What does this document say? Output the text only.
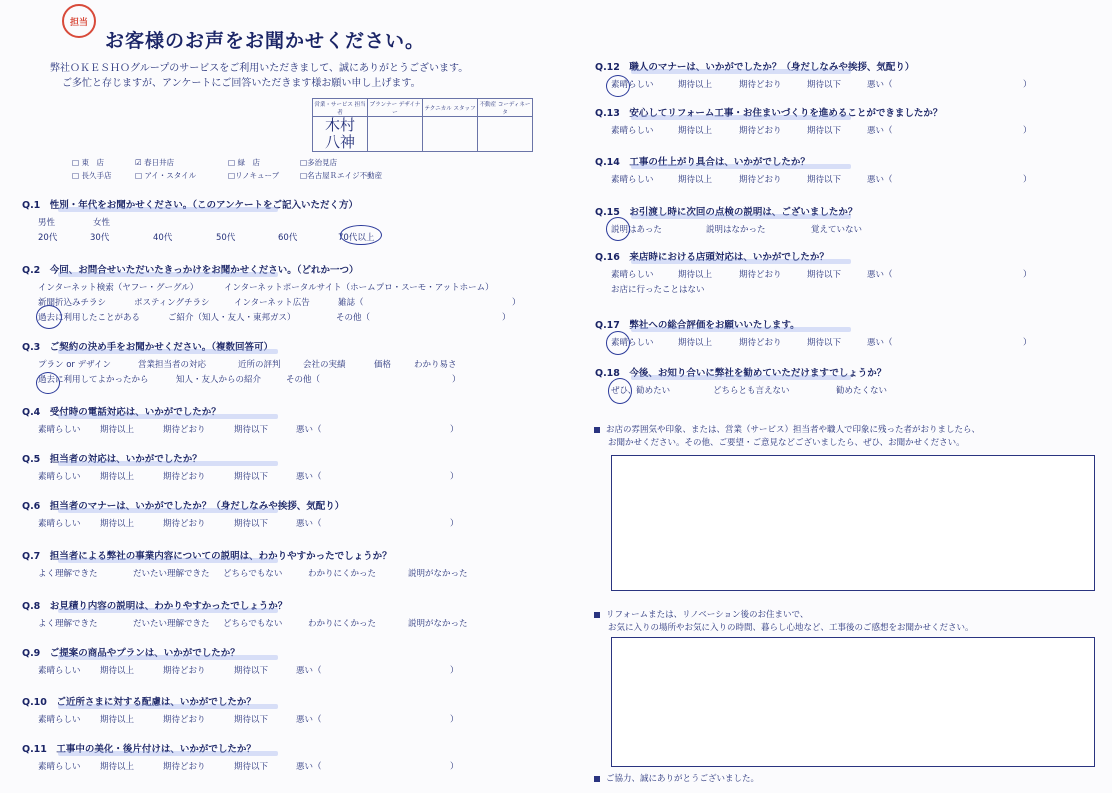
担当
お客様のお声をお聞かせください。
弊社ＯＫＥＳＨＯグループのサービスをご利用いただきまして、誠にありがとうございます。
ご多忙と存じますが、アンケートにご回答いただきます様お願い申し上げます。
営業・サービス 担当者	プランナー デザイナー	テクニカル スタッフ	不動産 コーディネータ

木村
八神			

□ 東　店	☑ 春日井店	□ 緑　店	□多治見店
□ 長久手店	□ アイ・スタイル	□リノキューブ	□名古屋Ｒエイジ不動産
Q.1　性別・年代をお聞かせください。（このアンケートをご記入いただく方）
男性	女性
20代	30代	40代	50代	60代	70代以上
Q.2　今回、お問合せいただいたきっかけをお聞かせください。（どれか一つ）
インターネット検索（ヤフー・グーグル）	インターネットポータルサイト（ホームプロ・スーモ・アットホーム）
新聞折込みチラシ	ポスティングチラシ	インターネット広告	雑誌（	）
過去に利用したことがある	ご紹介（知人・友人・東邦ガス）	その他（	）
Q.3　ご契約の決め手をお聞かせください。（複数回答可）
プラン or デザイン	営業担当者の対応	近所の評判	会社の実績	価格	わかり易さ
過去に利用してよかったから	知人・友人からの紹介	その他（	）
Q.4　受付時の電話対応は、いかがでしたか？
素晴らしい 期待以上	期待どおり	期待以下	悪い（	）
Q.5　担当者の対応は、いかがでしたか？
素晴らしい 期待以上	期待どおり	期待以下	悪い（	）
Q.6　担当者のマナーは、いかがでしたか？（身だしなみや挨拶、気配り）
素晴らしい 期待以上	期待どおり	期待以下	悪い（	）
Q.7　担当者による弊社の事業内容についての説明は、わかりやすかったでしょうか？
よく理解できた	だいたい理解できた どちらでもない	わかりにくかった	説明がなかった
Q.8　お見積り内容の説明は、わかりやすかったでしょうか？
よく理解できた	だいたい理解できた どちらでもない	わかりにくかった	説明がなかった
Q.9　ご提案の商品やプランは、いかがでしたか？
素晴らしい 期待以上	期待どおり	期待以下	悪い（	）
Q.10　ご近所さまに対する配慮は、いかがでしたか？
素晴らしい 期待以上	期待どおり	期待以下	悪い（	）
Q.11　工事中の美化・後片付けは、いかがでしたか？
素晴らしい 期待以上	期待どおり	期待以下	悪い（	）
Q.12　職人のマナーは、いかがでしたか？（身だしなみや挨拶、気配り）
素晴らしい	期待以上	期待どおり	期待以下	悪い（	）
Q.13　安心してリフォーム工事・お住まいづくりを進めることができましたか？
素晴らしい	期待以上	期待どおり	期待以下	悪い（	）
Q.14　工事の仕上がり具合は、いかがでしたか？
素晴らしい	期待以上	期待どおり	期待以下	悪い（	）
Q.15　お引渡し時に次回の点検の説明は、ございましたか？
説明はあった	説明はなかった	覚えていない
Q.16　来店時における店頭対応は、いかがでしたか？
素晴らしい	期待以上	期待どおり	期待以下	悪い（	）
お店に行ったことはない
Q.17　弊社への総合評価をお願いいたします。
素晴らしい	期待以上	期待どおり	期待以下	悪い（	）
Q.18　今後、お知り合いに弊社を勧めていただけますでしょうか？
ぜひ、勧めたい	どちらとも言えない	勧めたくない
お店の雰囲気や印象、または、営業（サービス）担当者や職人で印象に残った者がおりましたら、
お聞かせください。その他、ご要望・ご意見などございましたら、ぜひ、お聞かせください。
リフォームまたは、リノベーション後のお住まいで、
お気に入りの場所やお気に入りの時間、暮らし心地など、工事後のご感想をお聞かせください。
ご協力、誠にありがとうございました。
